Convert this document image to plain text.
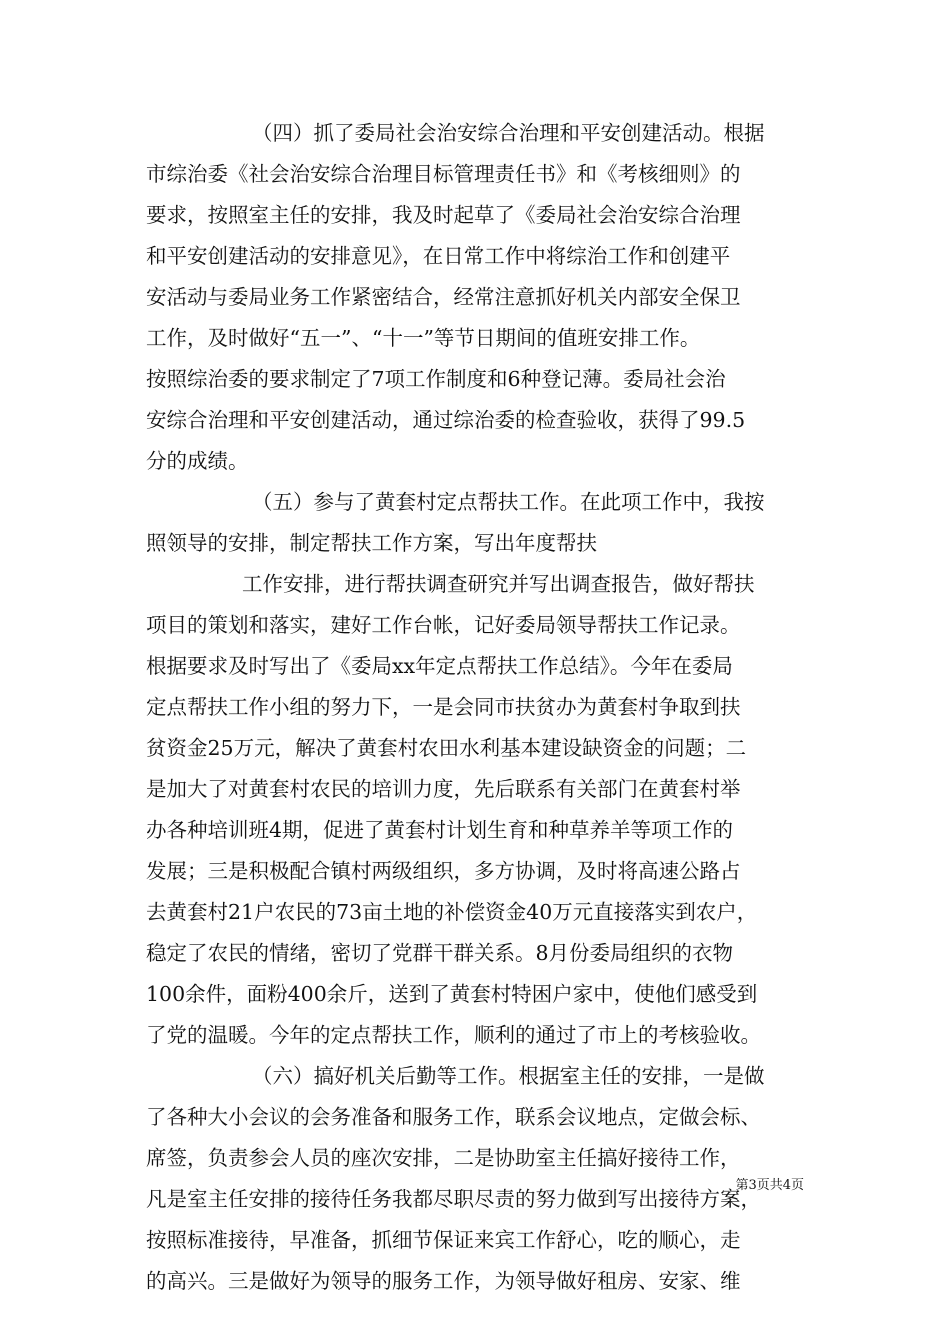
（四）抓了委局社会治安综合治理和平安创建活动。根据
市综治委《社会治安综合治理目标管理责任书》和《考核细则》的
要求，按照室主任的安排，我及时起草了《委局社会治安综合治理
和平安创建活动的安排意见》，在日常工作中将综治工作和创建平
安活动与委局业务工作紧密结合，经常注意抓好机关内部安全保卫
工作，及时做好“五一”、“十一”等节日期间的值班安排工作。
按照综治委的要求制定了7项工作制度和6种登记薄。委局社会治
安综合治理和平安创建活动，通过综治委的检查验收，获得了99.5
分的成绩。
（五）参与了黄套村定点帮扶工作。在此项工作中，我按
照领导的安排，制定帮扶工作方案，写出年度帮扶
工作安排，进行帮扶调查研究并写出调查报告，做好帮扶
项目的策划和落实，建好工作台帐，记好委局领导帮扶工作记录。
根据要求及时写出了《委局xx年定点帮扶工作总结》。今年在委局
定点帮扶工作小组的努力下，一是会同市扶贫办为黄套村争取到扶
贫资金25万元，解决了黄套村农田水利基本建设缺资金的问题；二
是加大了对黄套村农民的培训力度，先后联系有关部门在黄套村举
办各种培训班4期，促进了黄套村计划生育和种草养羊等项工作的
发展；三是积极配合镇村两级组织，多方协调，及时将高速公路占
去黄套村21户农民的73亩土地的补偿资金40万元直接落实到农户，
稳定了农民的情绪，密切了党群干群关系。8月份委局组织的衣物
100余件，面粉400余斤，送到了黄套村特困户家中，使他们感受到
了党的温暖。今年的定点帮扶工作，顺利的通过了市上的考核验收。
（六）搞好机关后勤等工作。根据室主任的安排，一是做
了各种大小会议的会务准备和服务工作，联系会议地点，定做会标、
席签，负责参会人员的座次安排，二是协助室主任搞好接待工作，
凡是室主任安排的接待任务我都尽职尽责的努力做到写出接待方案，
按照标准接待，早准备，抓细节保证来宾工作舒心，吃的顺心，走
的高兴。三是做好为领导的服务工作，为领导做好租房、安家、维
第3页共4页
